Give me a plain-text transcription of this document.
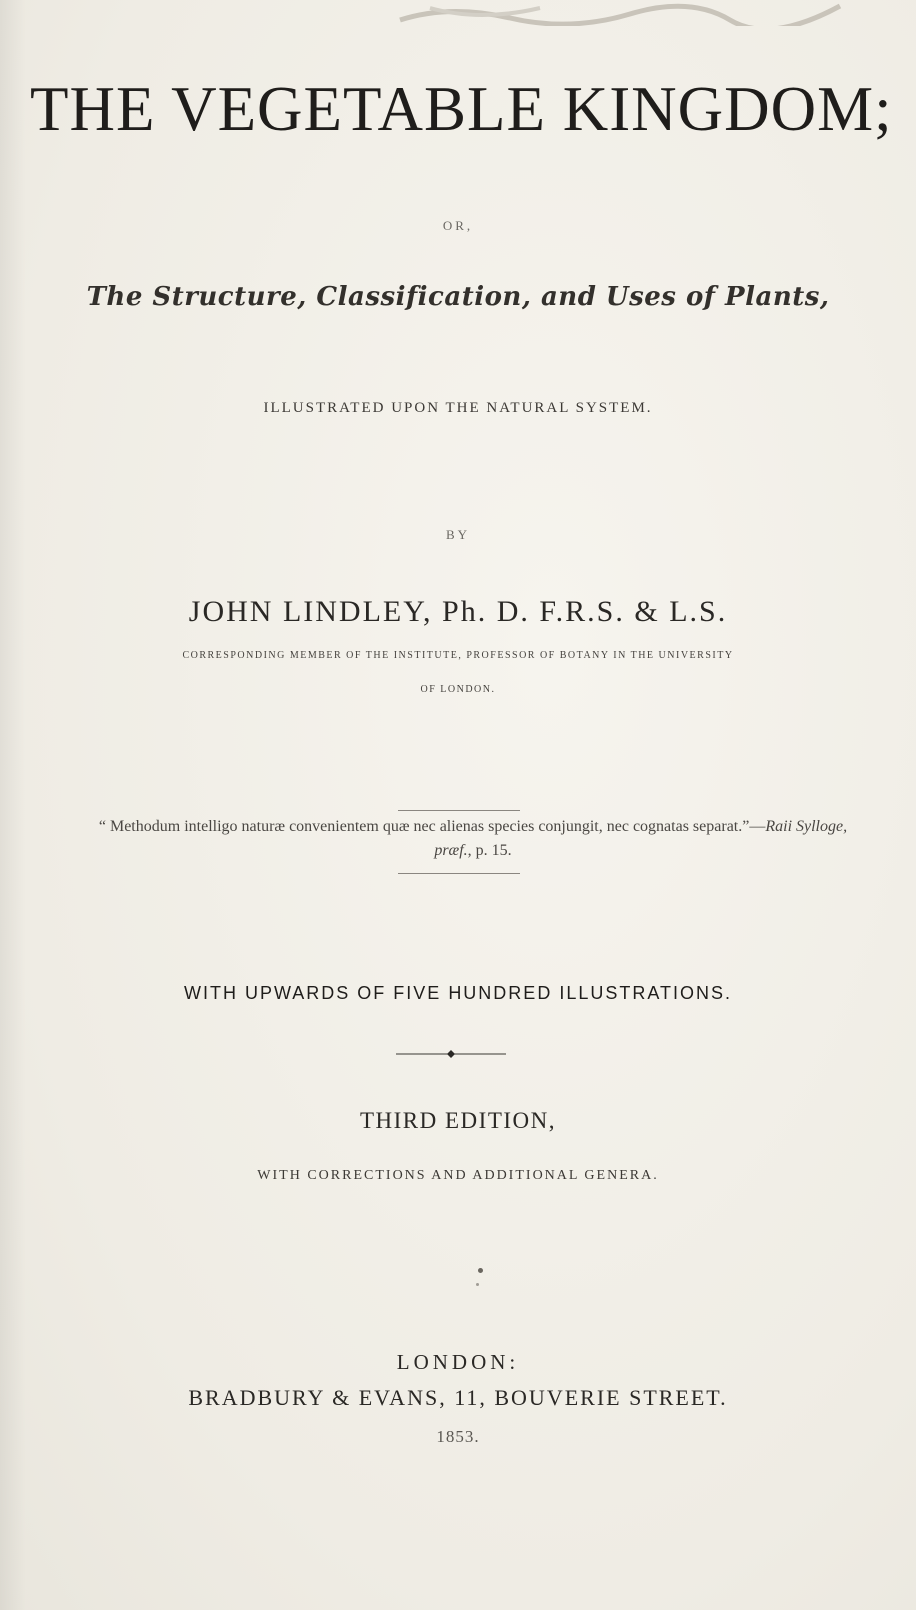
THE VEGETABLE KINGDOM;
OR,
The Structure, Classification, and Uses of Plants,
ILLUSTRATED UPON THE NATURAL SYSTEM.
BY
JOHN LINDLEY, Ph. D. F.R.S. & L.S.
CORRESPONDING MEMBER OF THE INSTITUTE, PROFESSOR OF BOTANY IN THE UNIVERSITY
OF LONDON.
“ Methodum intelligo naturæ convenientem quæ nec alienas species conjungit, nec cognatas separat.”—Raii Sylloge, præf., p. 15.
WITH UPWARDS OF FIVE HUNDRED ILLUSTRATIONS.
THIRD EDITION,
WITH CORRECTIONS AND ADDITIONAL GENERA.
LONDON:
BRADBURY & EVANS, 11, BOUVERIE STREET.
1853.
